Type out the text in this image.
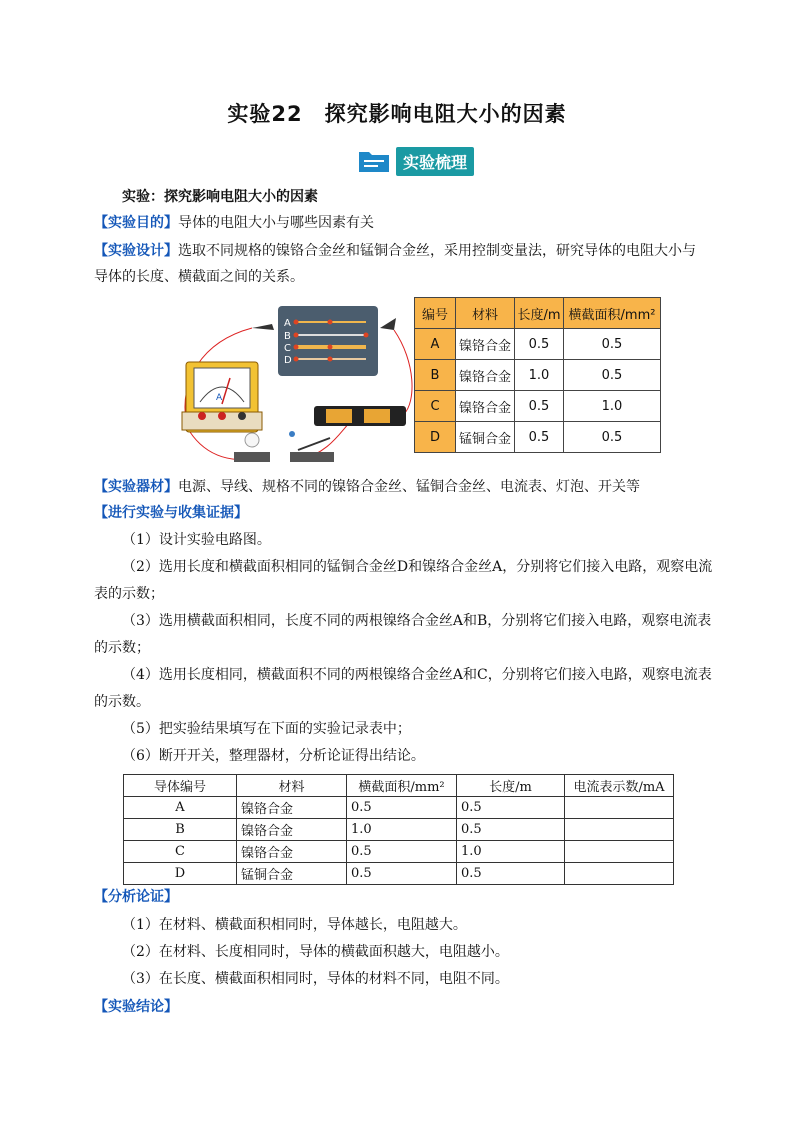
实验22 探究影响电阻大小的因素
实验梳理
实验：探究影响电阻大小的因素
【实验目的】导体的电阻大小与哪些因素有关
【实验设计】选取不同规格的镍铬合金丝和锰铜合金丝，采用控制变量法，研究导体的电阻大小与
导体的长度、横截面之间的关系。
A
B
C
D
A
编号	材料	长度/m	横截面积/mm²
A	镍铬合金	0.5	0.5
B	镍铬合金	1.0	0.5
C	镍铬合金	0.5	1.0
D	锰铜合金	0.5	0.5
【实验器材】电源、导线、规格不同的镍铬合金丝、锰铜合金丝、电流表、灯泡、开关等
【进行实验与收集证据】
（1）设计实验电路图。
（2）选用长度和横截面积相同的锰铜合金丝D和镍络合金丝A，分别将它们接入电路，观察电流
表的示数；
（3）选用横截面积相同，长度不同的两根镍络合金丝A和B，分别将它们接入电路，观察电流表
的示数；
（4）选用长度相同，横截面积不同的两根镍络合金丝A和C，分别将它们接入电路，观察电流表
的示数。
（5）把实验结果填写在下面的实验记录表中；
（6）断开开关，整理器材，分析论证得出结论。
导体编号	材料	横截面积/mm²	长度/m	电流表示数/mA
A	镍铬合金	0.5	0.5	
B	镍铬合金	1.0	0.5	
C	镍铬合金	0.5	1.0	
D	锰铜合金	0.5	0.5	
【分析论证】
（1）在材料、横截面积相同时，导体越长，电阻越大。
（2）在材料、长度相同时，导体的横截面积越大，电阻越小。
（3）在长度、横截面积相同时，导体的材料不同，电阻不同。
【实验结论】
